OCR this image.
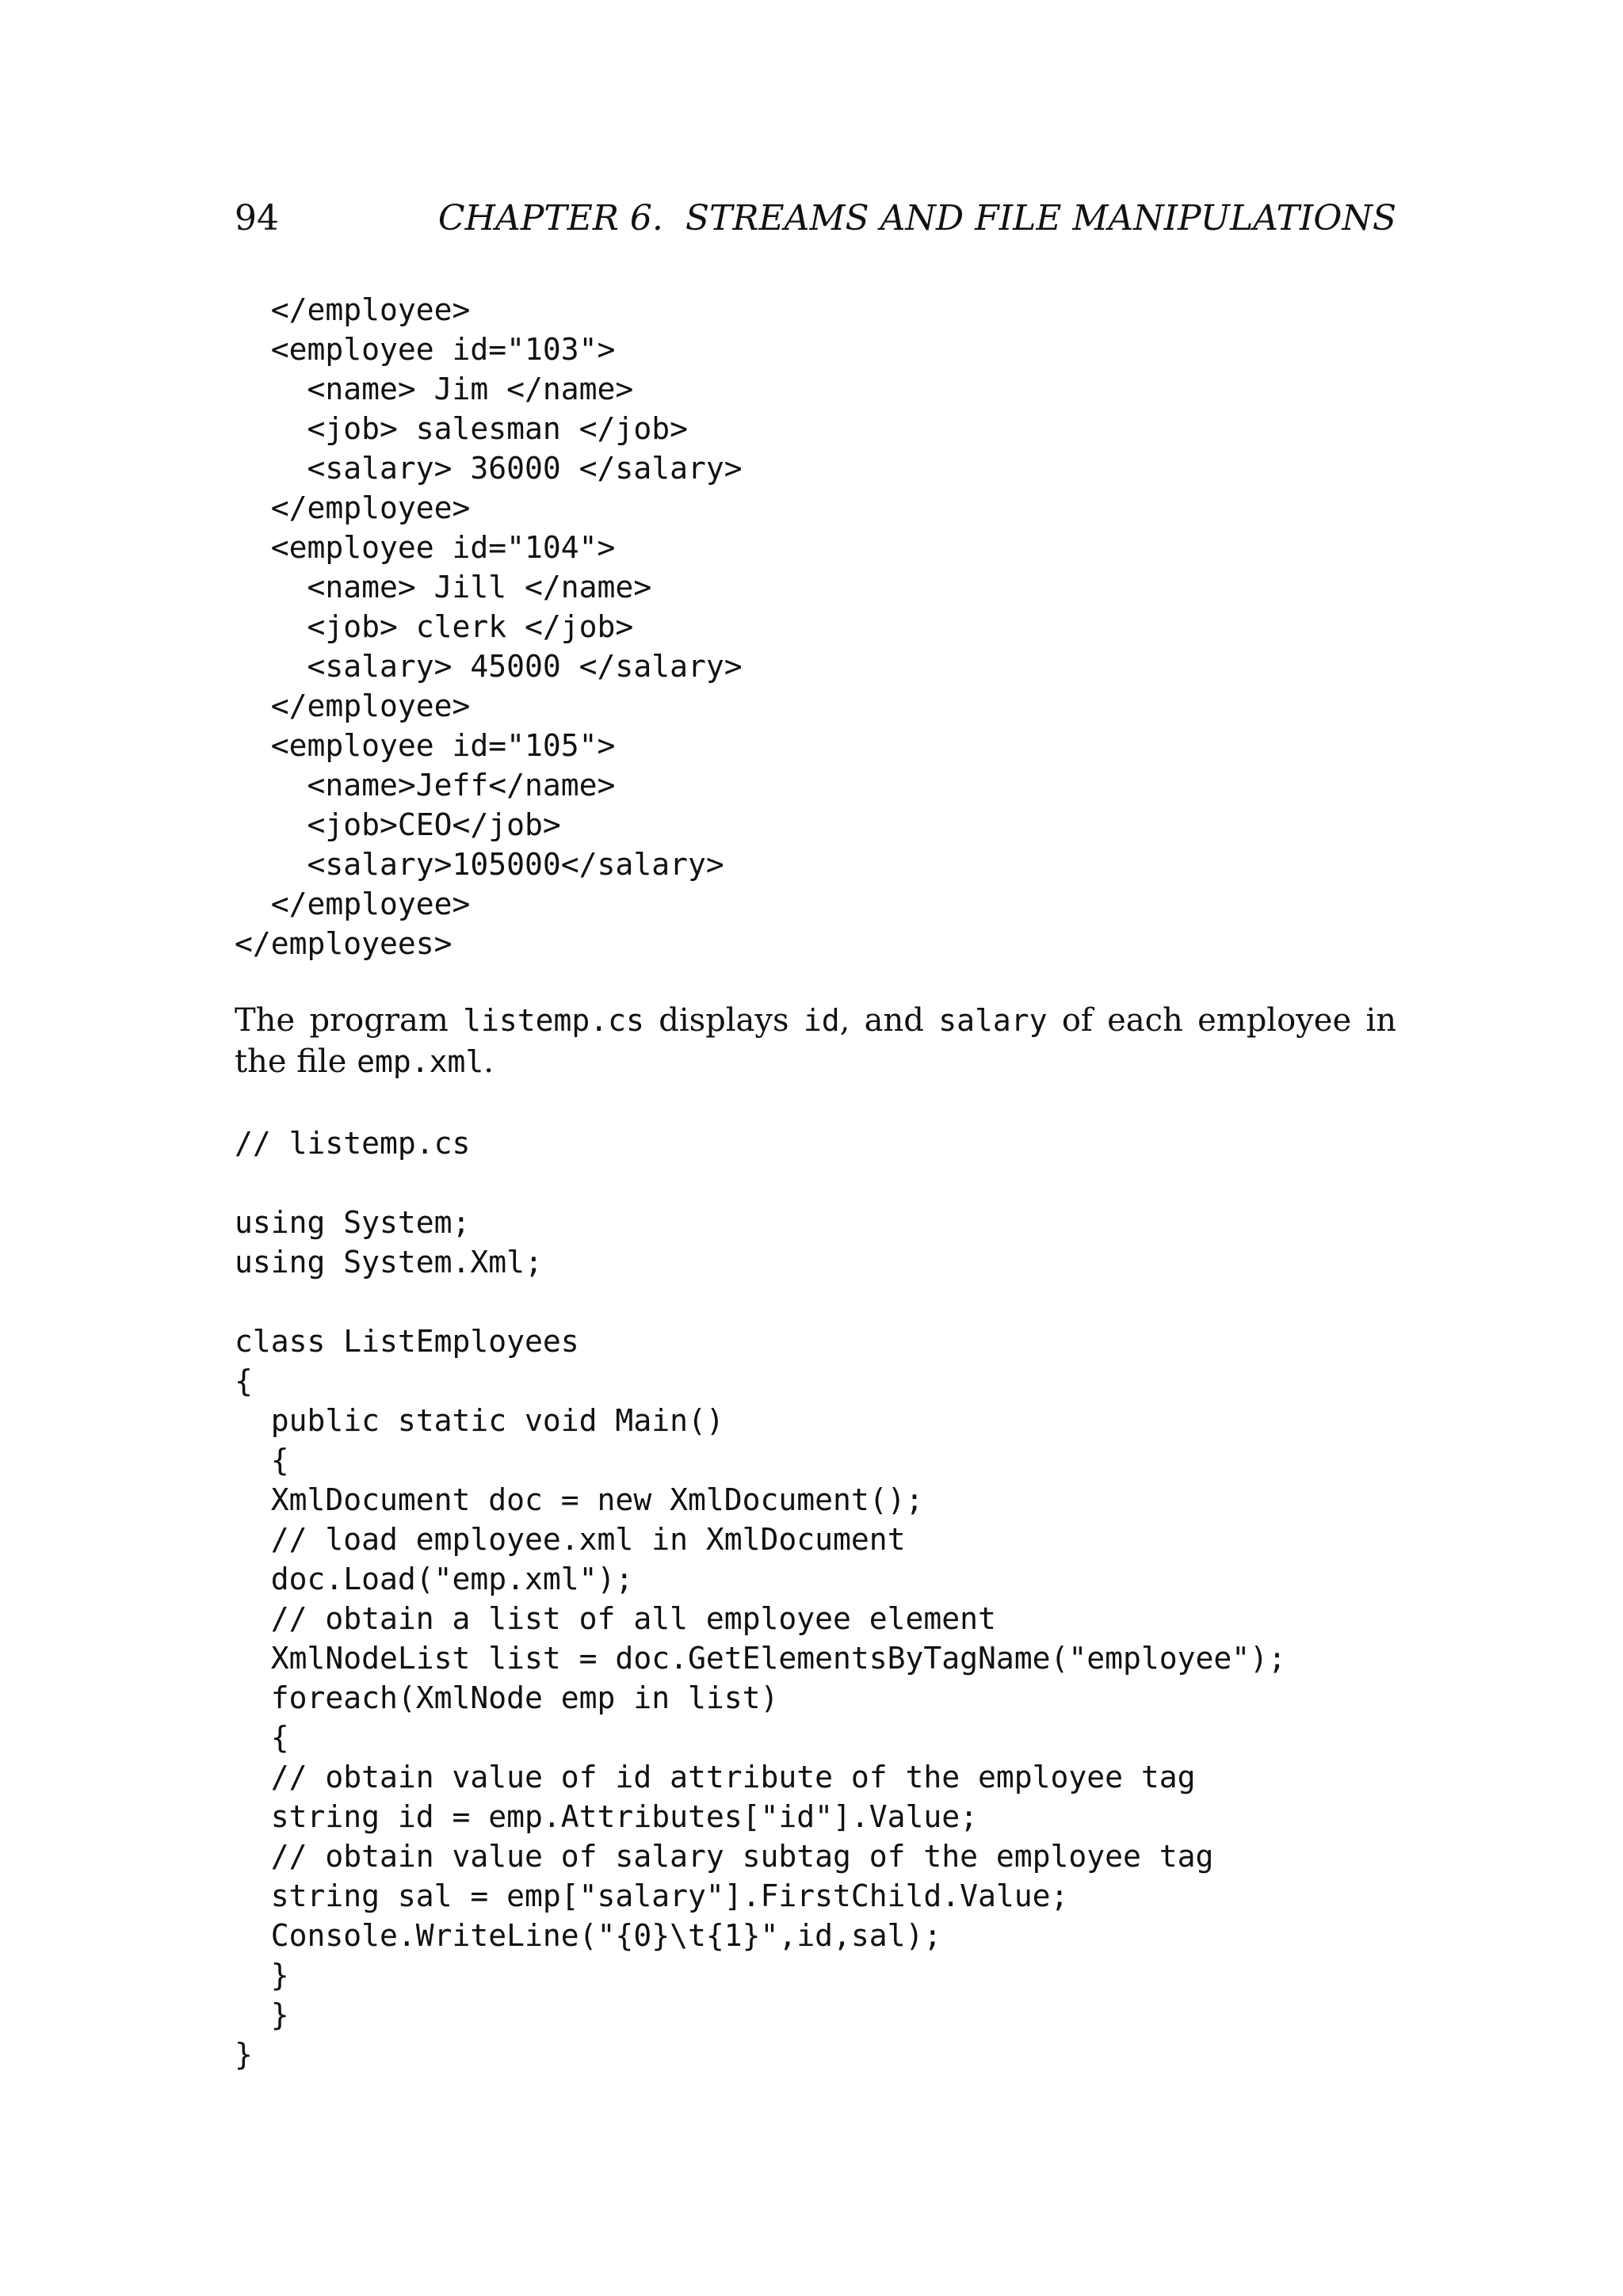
94	CHAPTER 6.  STREAMS AND FILE MANIPULATIONS
</employee>
<employee id="103">
<name> Jim </name>
<job> salesman </job>
<salary> 36000 </salary>
</employee>
<employee id="104">
<name> Jill </name>
<job> clerk </job>
<salary> 45000 </salary>
</employee>
<employee id="105">
<name>Jeff</name>
<job>CEO</job>
<salary>105000</salary>
</employee>
</employees>

The program listemp.cs displays id, and salary of each employee in the file emp.xml.

// listemp.cs
using System;
using System.Xml;
class ListEmployees
{
public static void Main()
{
XmlDocument doc = new XmlDocument();
// load employee.xml in XmlDocument
doc.Load("emp.xml");
// obtain a list of all employee element
XmlNodeList list = doc.GetElementsByTagName("employee");
foreach(XmlNode emp in list)
{
// obtain value of id attribute of the employee tag
string id = emp.Attributes["id"].Value;
// obtain value of salary subtag of the employee tag
string sal = emp["salary"].FirstChild.Value;
Console.WriteLine("{0}\t{1}",id,sal);
}
}
}
